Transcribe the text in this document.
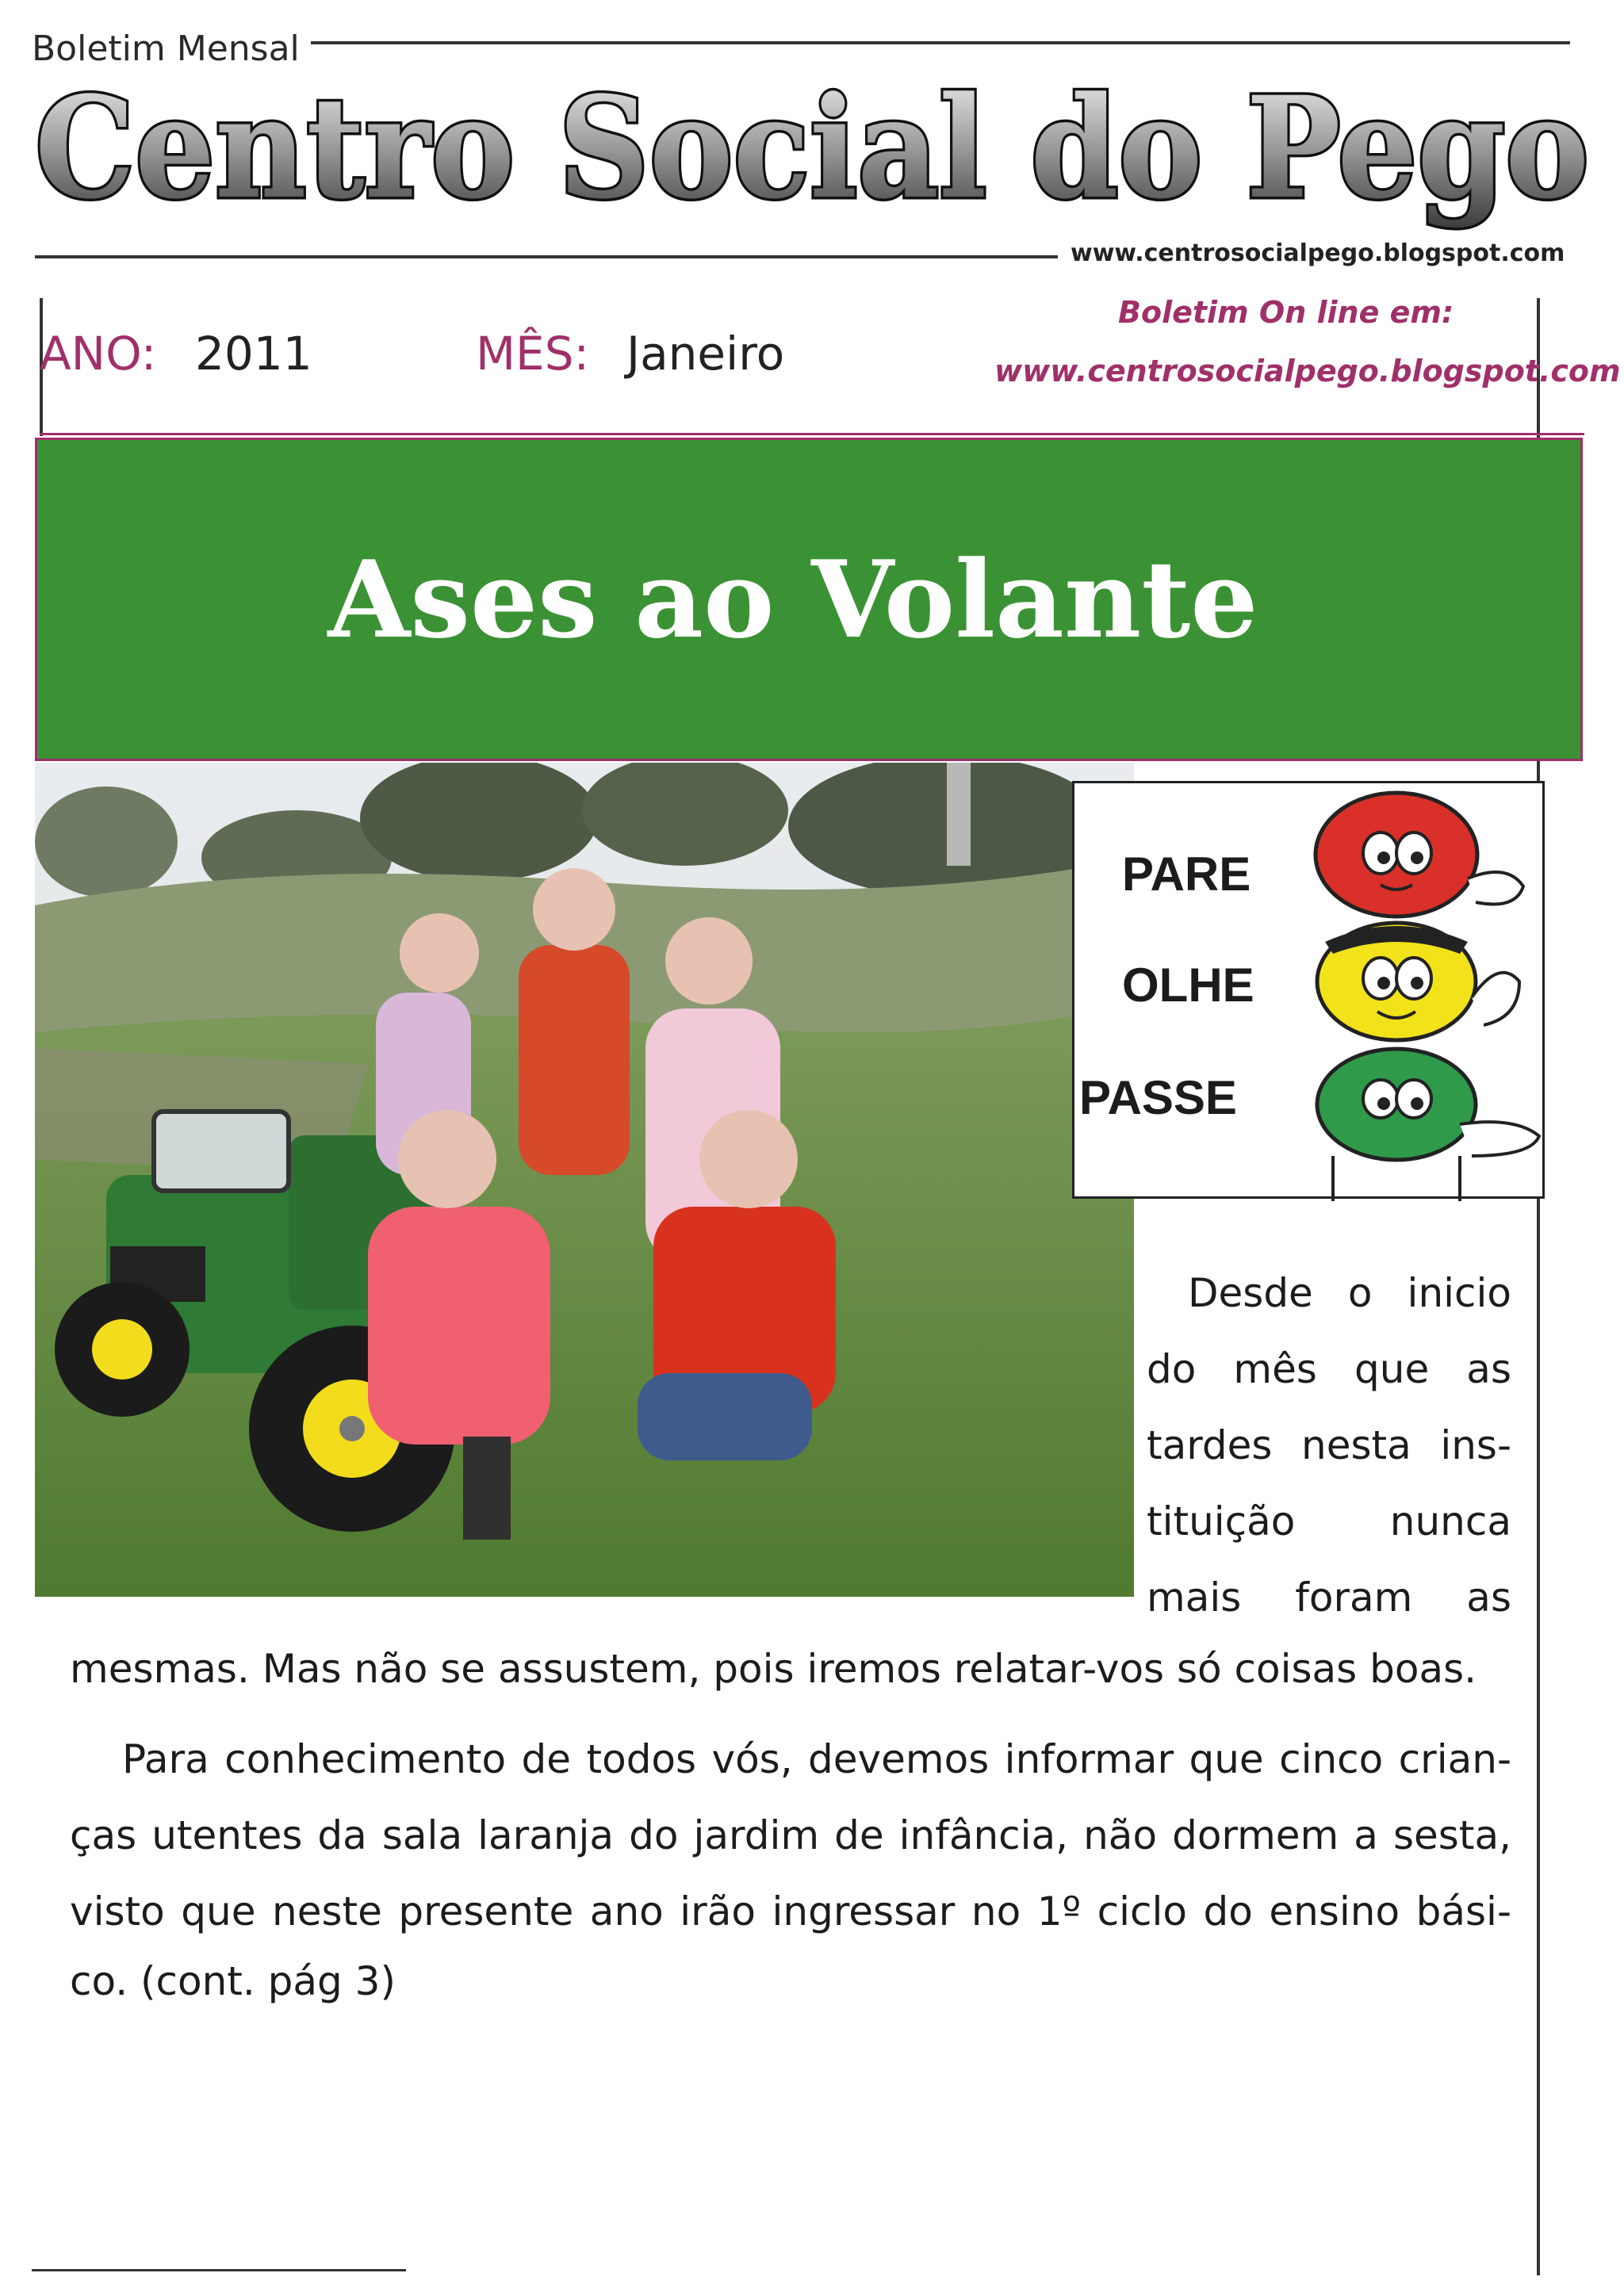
Boletim Mensal
Centro Social do Pego
www.centrosocialpego.blogspot.com
ANO: 2011	MÊS: Janeiro
Boletim On line em:
www.centrosocialpego.blogspot.com
Ases ao Volante
PARE
OLHE
PASSE
Desde o inicio
do mês que as
tardes nesta ins-
tituição nunca
mais foram as
mesmas. Mas não se assustem, pois iremos relatar-vos só coisas boas.
Para conhecimento de todos vós, devemos informar que cinco crian-
ças utentes da sala laranja do jardim de infância, não dormem a sesta,
visto que neste presente ano irão ingressar no 1º ciclo do ensino bási-
co. (cont. pág 3)
